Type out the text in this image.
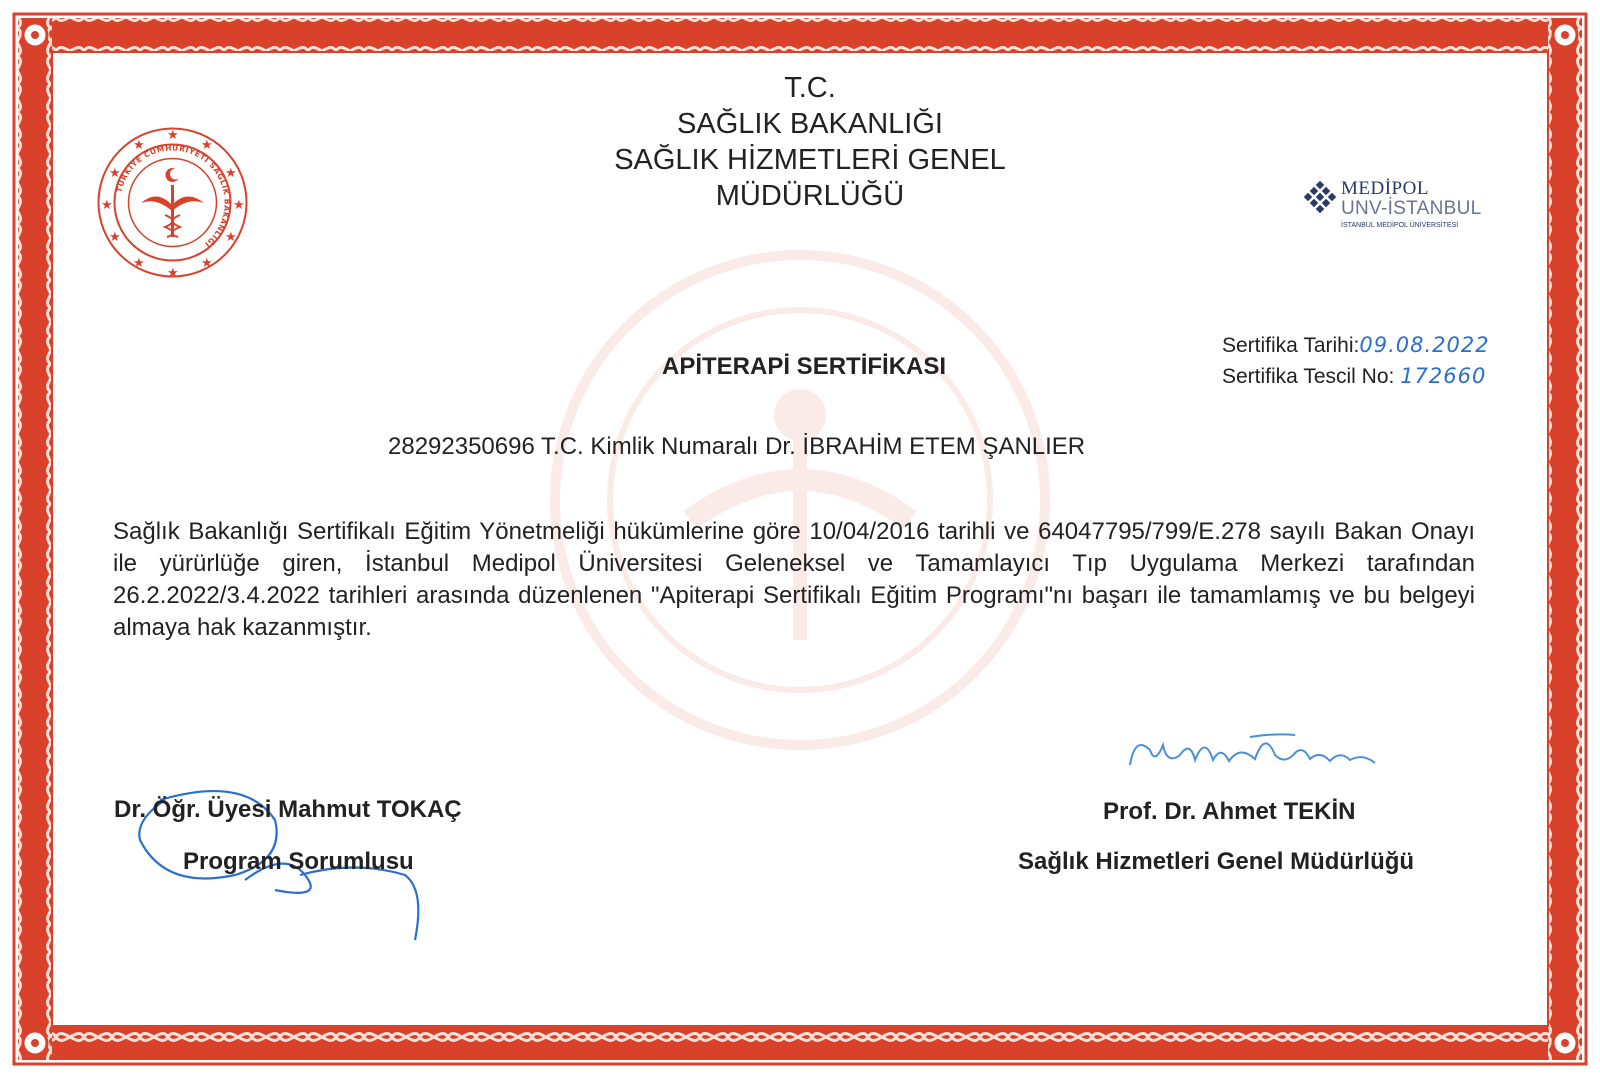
T.C.
SAĞLIK BAKANLIĞI
SAĞLIK HİZMETLERİ GENEL
MÜDÜRLÜĞÜ
★
★	★
★	★
★	★
★	★
★	★
★
TÜRKİYE CUMHURİYETİ SAĞLIK BAKANLIĞI
MEDİPOL
UNV-İSTANBUL
İSTANBUL MEDİPOL ÜNİVERSİTESİ
Sertifika Tarihi:09.08.2022
Sertifika Tescil No: 172660
APİTERAPİ SERTİFİKASI
28292350696 T.C. Kimlik Numaralı Dr. İBRAHİM ETEM ŞANLIER
Sağlık Bakanlığı Sertifikalı Eğitim Yönetmeliği hükümlerine göre 10/04/2016 tarihli ve 64047795/799/E.278 sayılı Bakan Onayı ile yürürlüğe giren, İstanbul Medipol Üniversitesi Geleneksel ve Tamamlayıcı Tıp Uygulama Merkezi tarafından 26.2.2022/3.4.2022 tarihleri arasında düzenlenen "Apiterapi Sertifikalı Eğitim Programı"nı başarı ile tamamlamış ve bu belgeyi almaya hak kazanmıştır.
Dr. Öğr. Üyesi Mahmut TOKAÇ
Program Sorumlusu
Prof. Dr. Ahmet TEKİN
Sağlık Hizmetleri Genel Müdürlüğü
